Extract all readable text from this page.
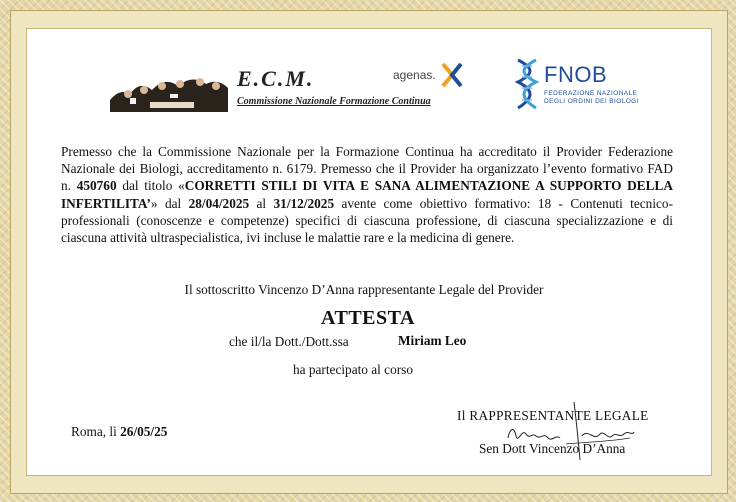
E.C.M.
Commissione Nazionale Formazione Continua
agenas.	FNOB
FEDERAZIONE NAZIONALE
DEGLI ORDINI DEI BIOLOGI
Premesso che la Commissione Nazionale per la Formazione Continua ha accreditato il Provider Federazione Nazionale dei Biologi, accreditamento n. 6179. Premesso che il Provider ha organizzato l’evento formativo FAD n. 450760 dal titolo «CORRETTI STILI DI VITA E SANA ALIMENTAZIONE A SUPPORTO DELLA INFERTILITA’» dal 28/04/2025 al 31/12/2025 avente come obiettivo formativo: 18 - Contenuti tecnico-professionali (conoscenze e competenze) specifici di ciascuna professione, di ciascuna specializzazione e di ciascuna attività ultraspecialistica, ivi incluse le malattie rare e la medicina di genere.
Il sottoscritto Vincenzo D’Anna rappresentante Legale del Provider
ATTESTA
che il/la Dott./Dott.ssa	Miriam Leo
ha partecipato al corso
Roma, lì 26/05/25
Il RAPPRESENTANTE LEGALE
Sen Dott Vincenzo D’Anna
